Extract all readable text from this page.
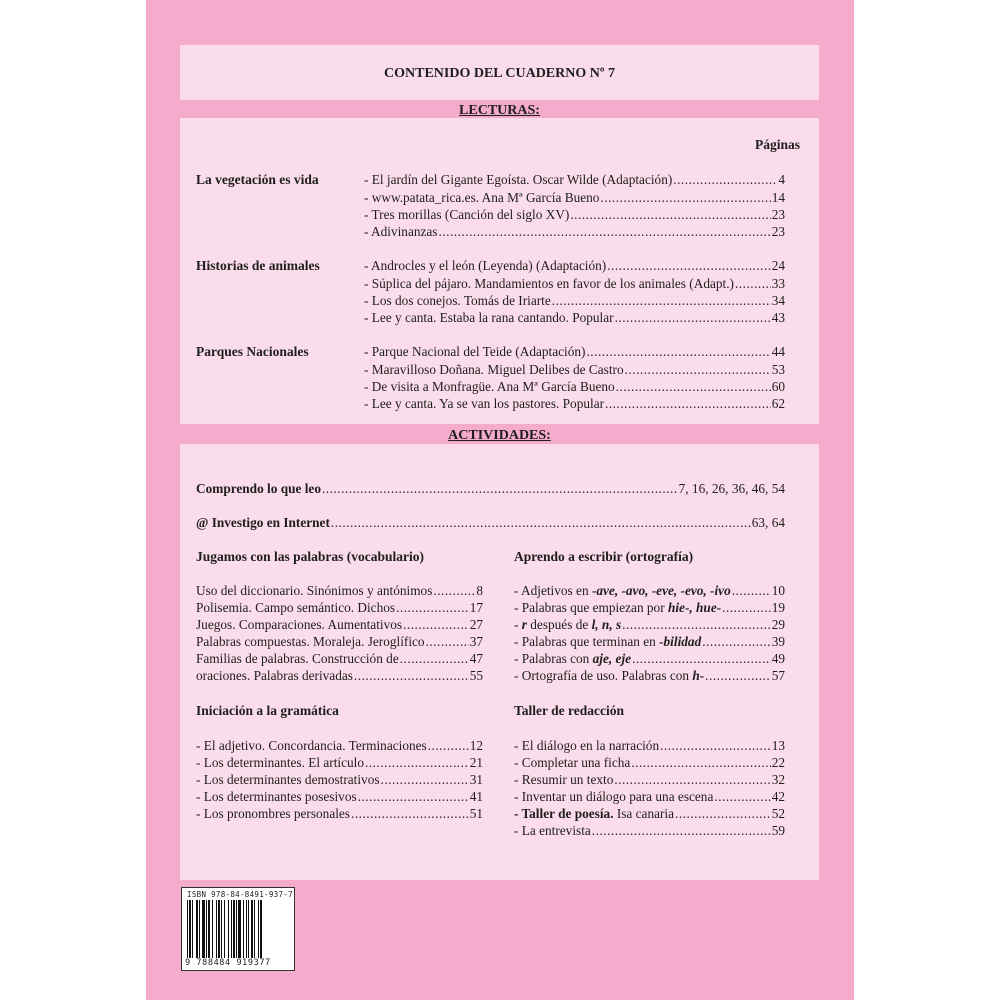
CONTENIDO DEL CUADERNO Nº 7
LECTURAS:
Páginas
La vegetación es vida	- El jardín del Gigante Egoísta. Oscar Wilde (Adaptación) .....	4
- www.patata_rica.es. Ana Mª García Bueno .....	14
- Tres morillas (Canción del siglo XV) .....	23
- Adivinanzas .....	23
Historias de animales	- Androcles y el león (Leyenda) (Adaptación) .....	24
- Súplica del pájaro. Mandamientos en favor de los animales (Adapt.) .....	33
- Los dos conejos. Tomás de Iriarte .....	34
- Lee y canta. Estaba la rana cantando. Popular .....	43
Parques Nacionales	- Parque Nacional del Teide (Adaptación) .....	44
- Maravilloso Doñana. Miguel Delibes de Castro .....	53
- De visita a Monfragüe. Ana Mª García Bueno .....	60
- Lee y canta. Ya se van los pastores. Popular .....	62
ACTIVIDADES:
Comprendo lo que leo .....	7, 16, 26, 36, 46, 54
@ Investigo en Internet .....	63, 64
Jugamos con las palabras (vocabulario)
Uso del diccionario. Sinónimos y antónimos .....	8
Polisemia. Campo semántico. Dichos .....	17
Juegos. Comparaciones. Aumentativos .....	27
Palabras compuestas. Moraleja. Jeroglífico .....	37
Familias de palabras. Construcción de .....	47
oraciones. Palabras derivadas .....	55
Iniciación a la gramática
- El adjetivo. Concordancia. Terminaciones .....	12
- Los determinantes. El artículo .....	21
- Los determinantes demostrativos .....	31
- Los determinantes posesivos .....	41
- Los pronombres personales .....	51
Aprendo a escribir (ortografía)
- Adjetivos en -ave, -avo, -eve, -evo, -ivo .....	10
- Palabras que empiezan por hie-, hue- .....	19
- r después de l, n, s .....	29
- Palabras que terminan en -bilidad .....	39
- Palabras con aje, eje .....	49
- Ortografía de uso. Palabras con h- .....	57
Taller de redacción
- El diálogo en la narración .....	13
- Completar una ficha .....	22
- Resumir un texto .....	32
- Inventar un diálogo para una escena .....	42
- Taller de poesía. Isa canaria .....	52
- La entrevista .....	59
ISBN 978-84-8491-937-7
9 788484 919377
